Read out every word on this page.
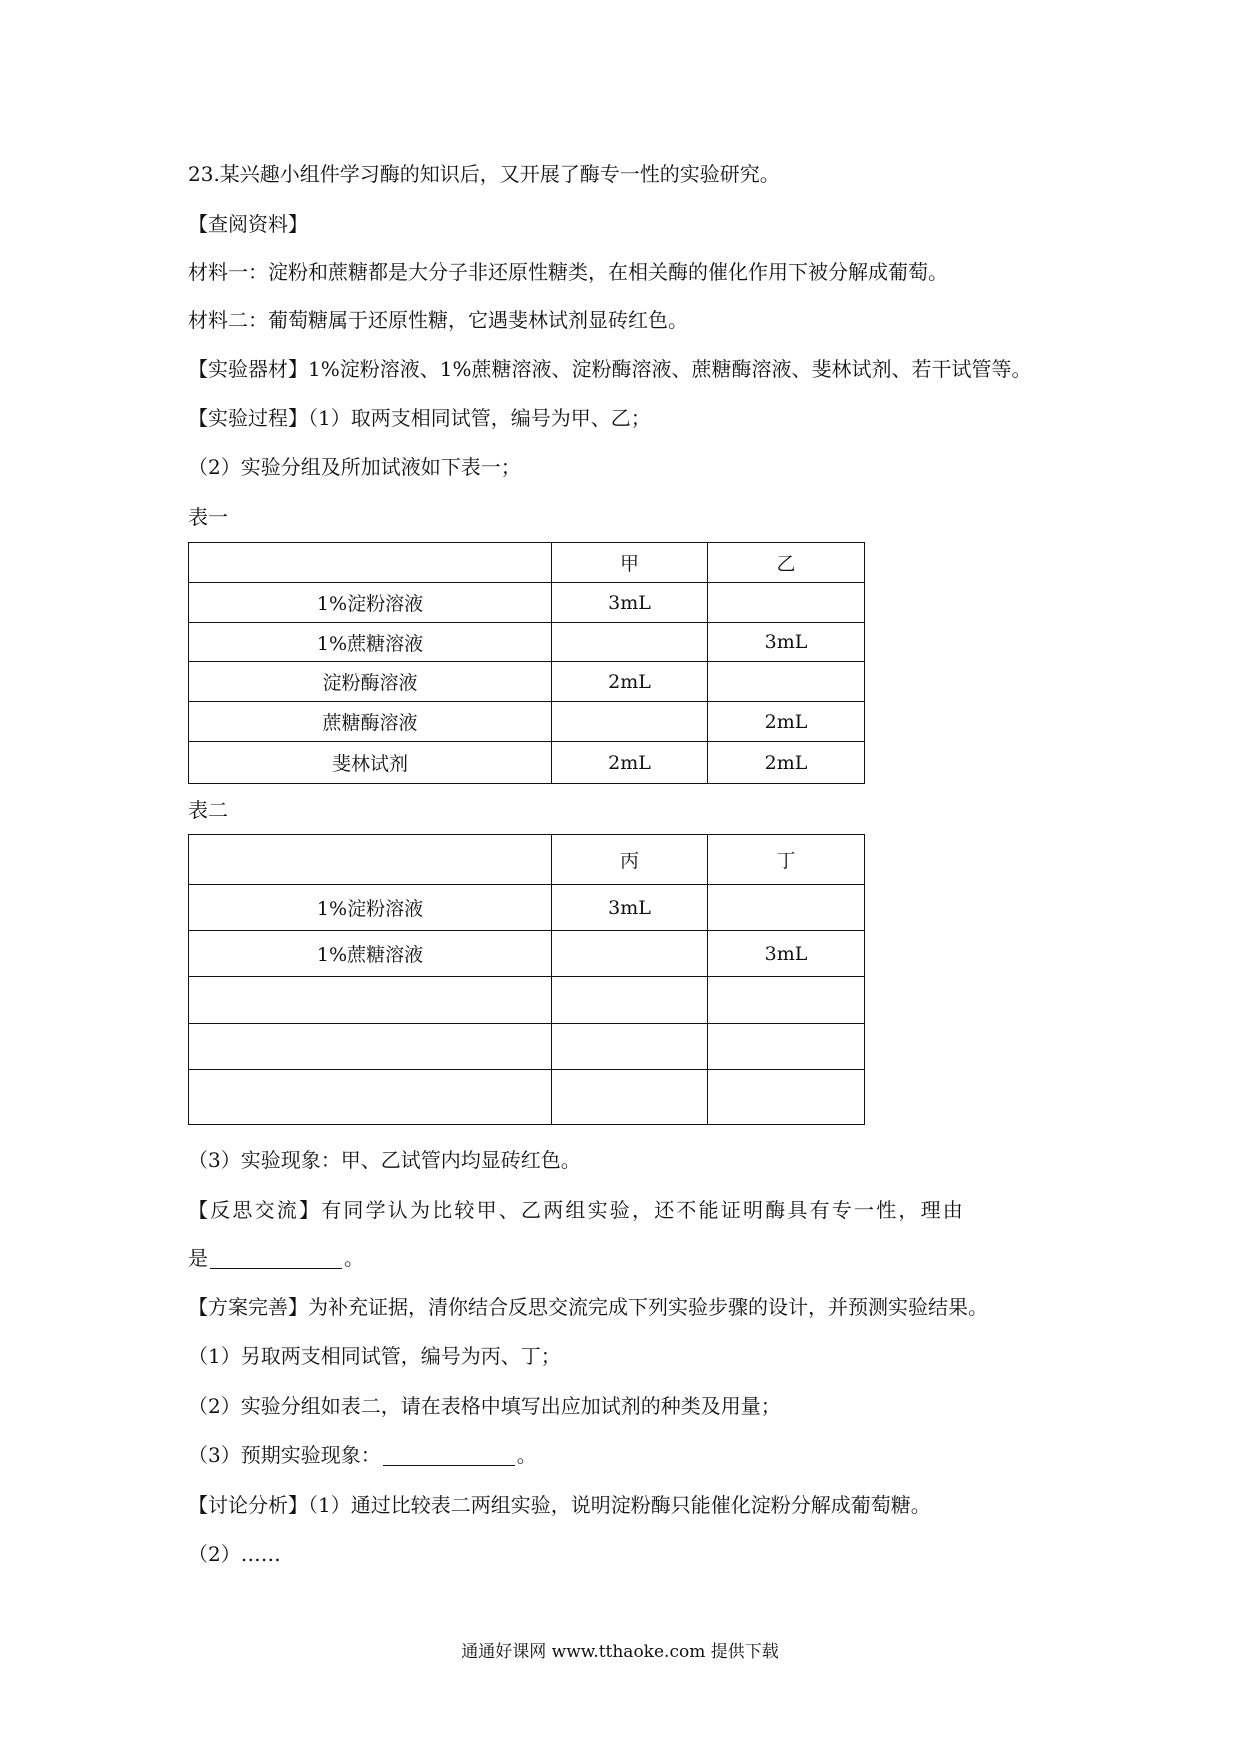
23.某兴趣小组件学习酶的知识后，又开展了酶专一性的实验研究。
【查阅资料】
材料一：淀粉和蔗糖都是大分子非还原性糖类，在相关酶的催化作用下被分解成葡萄。
材料二：葡萄糖属于还原性糖，它遇斐林试剂显砖红色。
【实验器材】1%淀粉溶液、1%蔗糖溶液、淀粉酶溶液、蔗糖酶溶液、斐林试剂、若干试管等。
【实验过程】（1）取两支相同试管，编号为甲、乙；
（2）实验分组及所加试液如下表一；
表一
	甲	乙
1%淀粉溶液	3mL	
1%蔗糖溶液		3mL
淀粉酶溶液	2mL	
蔗糖酶溶液		2mL
斐林试剂	2mL	2mL
表二
	丙	丁
1%淀粉溶液	3mL	
1%蔗糖溶液		3mL

（3）实验现象：甲、乙试管内均显砖红色。
【反思交流】有同学认为比较甲、乙两组实验，还不能证明酶具有专一性，理由
是	。
【方案完善】为补充证据，清你结合反思交流完成下列实验步骤的设计，并预测实验结果。
（1）另取两支相同试管，编号为丙、丁；
（2）实验分组如表二，请在表格中填写出应加试剂的种类及用量；
（3）预期实验现象：	。
【讨论分析】（1）通过比较表二两组实验，说明淀粉酶只能催化淀粉分解成葡萄糖。
（2）……
通通好课网 www.tthaoke.com 提供下载
